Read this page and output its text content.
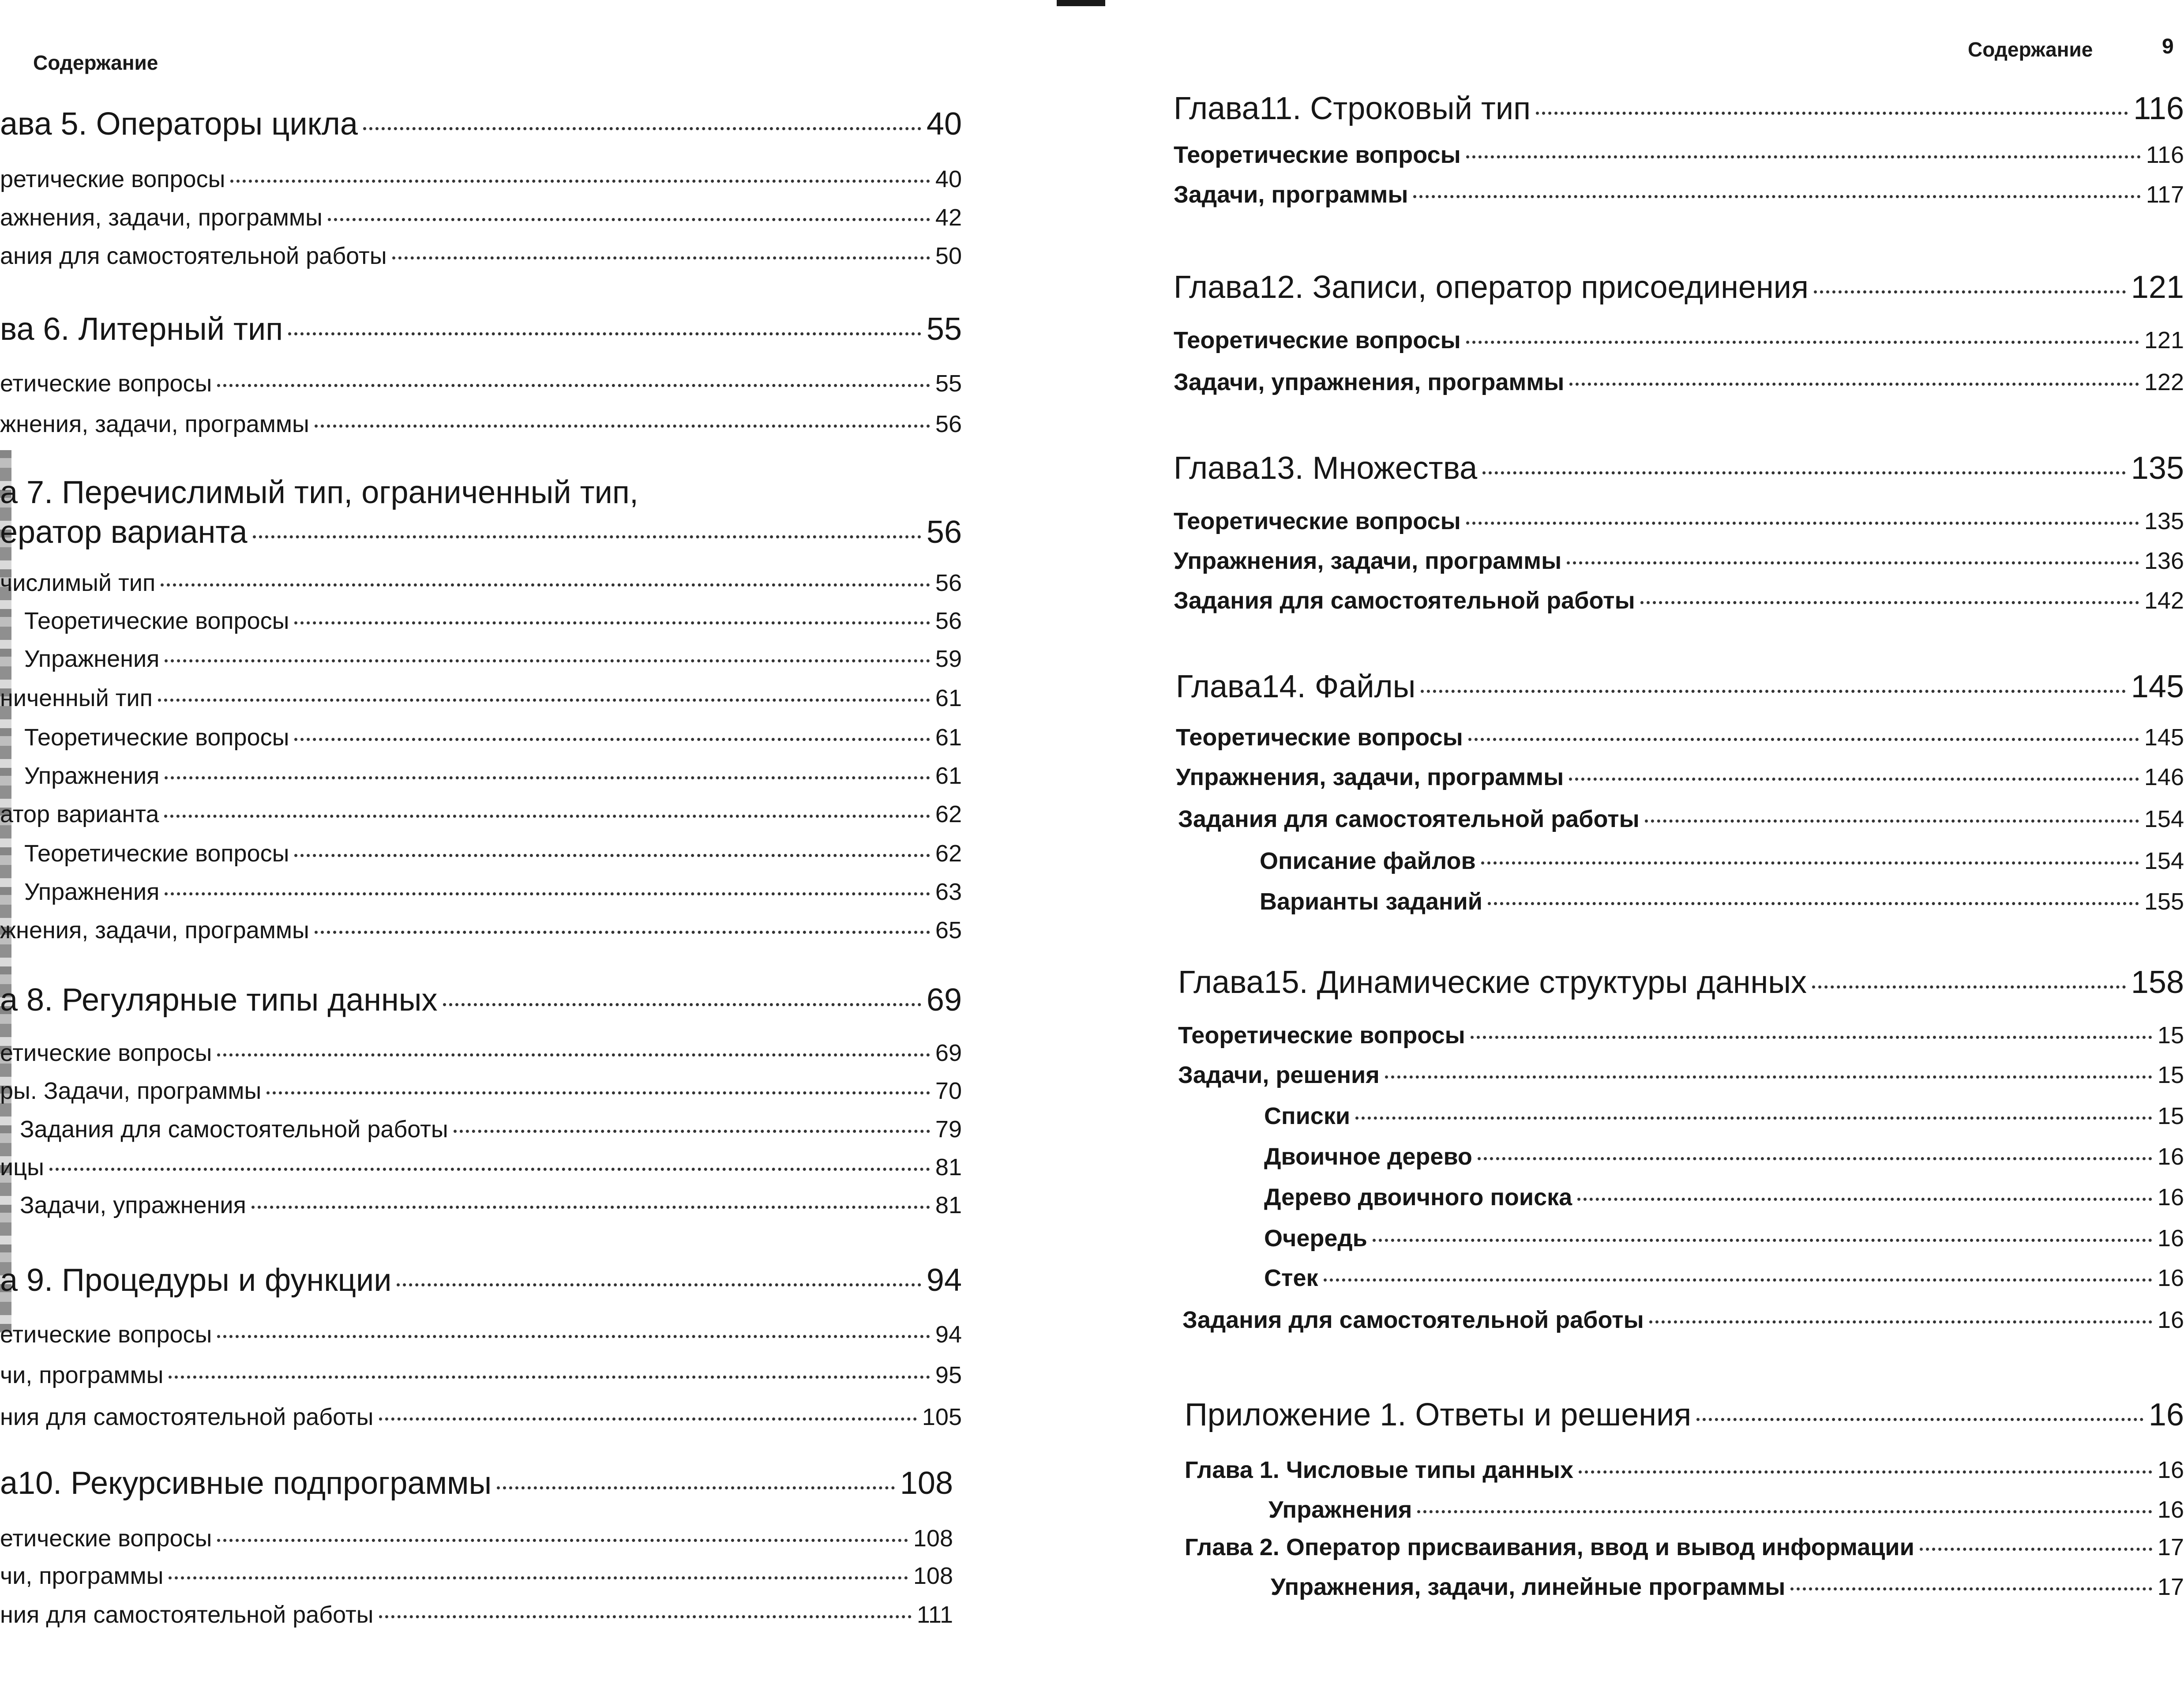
Содержание
ава 5. Операторы цикла	40
ретические вопросы	40
ажнения, задачи, программы	42
ания для самостоятельной работы	50
ва 6. Литерный тип	55
етические вопросы	55
жнения, задачи, программы	56
а 7. Перечислимый тип, ограниченный тип,
ератор варианта	56
числимый тип	56
Теоретические вопросы	56
Упражнения	59
ниченный тип	61
Теоретические вопросы	61
Упражнения	61
атор варианта	62
Теоретические вопросы	62
Упражнения	63
жнения, задачи, программы	65
а 8. Регулярные типы данных	69
етические вопросы	69
ры. Задачи, программы	70
Задания для самостоятельной работы	79
ицы	81
Задачи, упражнения	81
а 9. Процедуры и функции	94
етические вопросы	94
чи, программы	95
ния для самостоятельной работы	105
а10. Рекурсивные подпрограммы	108
етические вопросы	108
чи, программы	108
ния для самостоятельной работы	111
Содержание	9
Глава11. Строковый тип	116
Теоретические вопросы	116
Задачи, программы	117
Глава12. Записи, оператор присоединения	121
Теоретические вопросы	121
Задачи, упражнения, программы	122
Глава13. Множества	135
Теоретические вопросы	135
Упражнения, задачи, программы	136
Задания для самостоятельной работы	142
Глава14. Файлы	145
Теоретические вопросы	145
Упражнения, задачи, программы	146
Задания для самостоятельной работы	154
Описание файлов	154
Варианты заданий	155
Глава15. Динамические структуры данных	158
Теоретические вопросы	15
Задачи, решения	15
Списки	15
Двоичное дерево	16
Дерево двоичного поиска	16
Очередь	16
Стек	16
Задания для самостоятельной работы	16
Приложение 1. Ответы и решения	16
Глава 1. Числовые типы данных	16
Упражнения	16
Глава 2. Оператор присваивания, ввод и вывод информации	17
Упражнения, задачи, линейные программы	17
